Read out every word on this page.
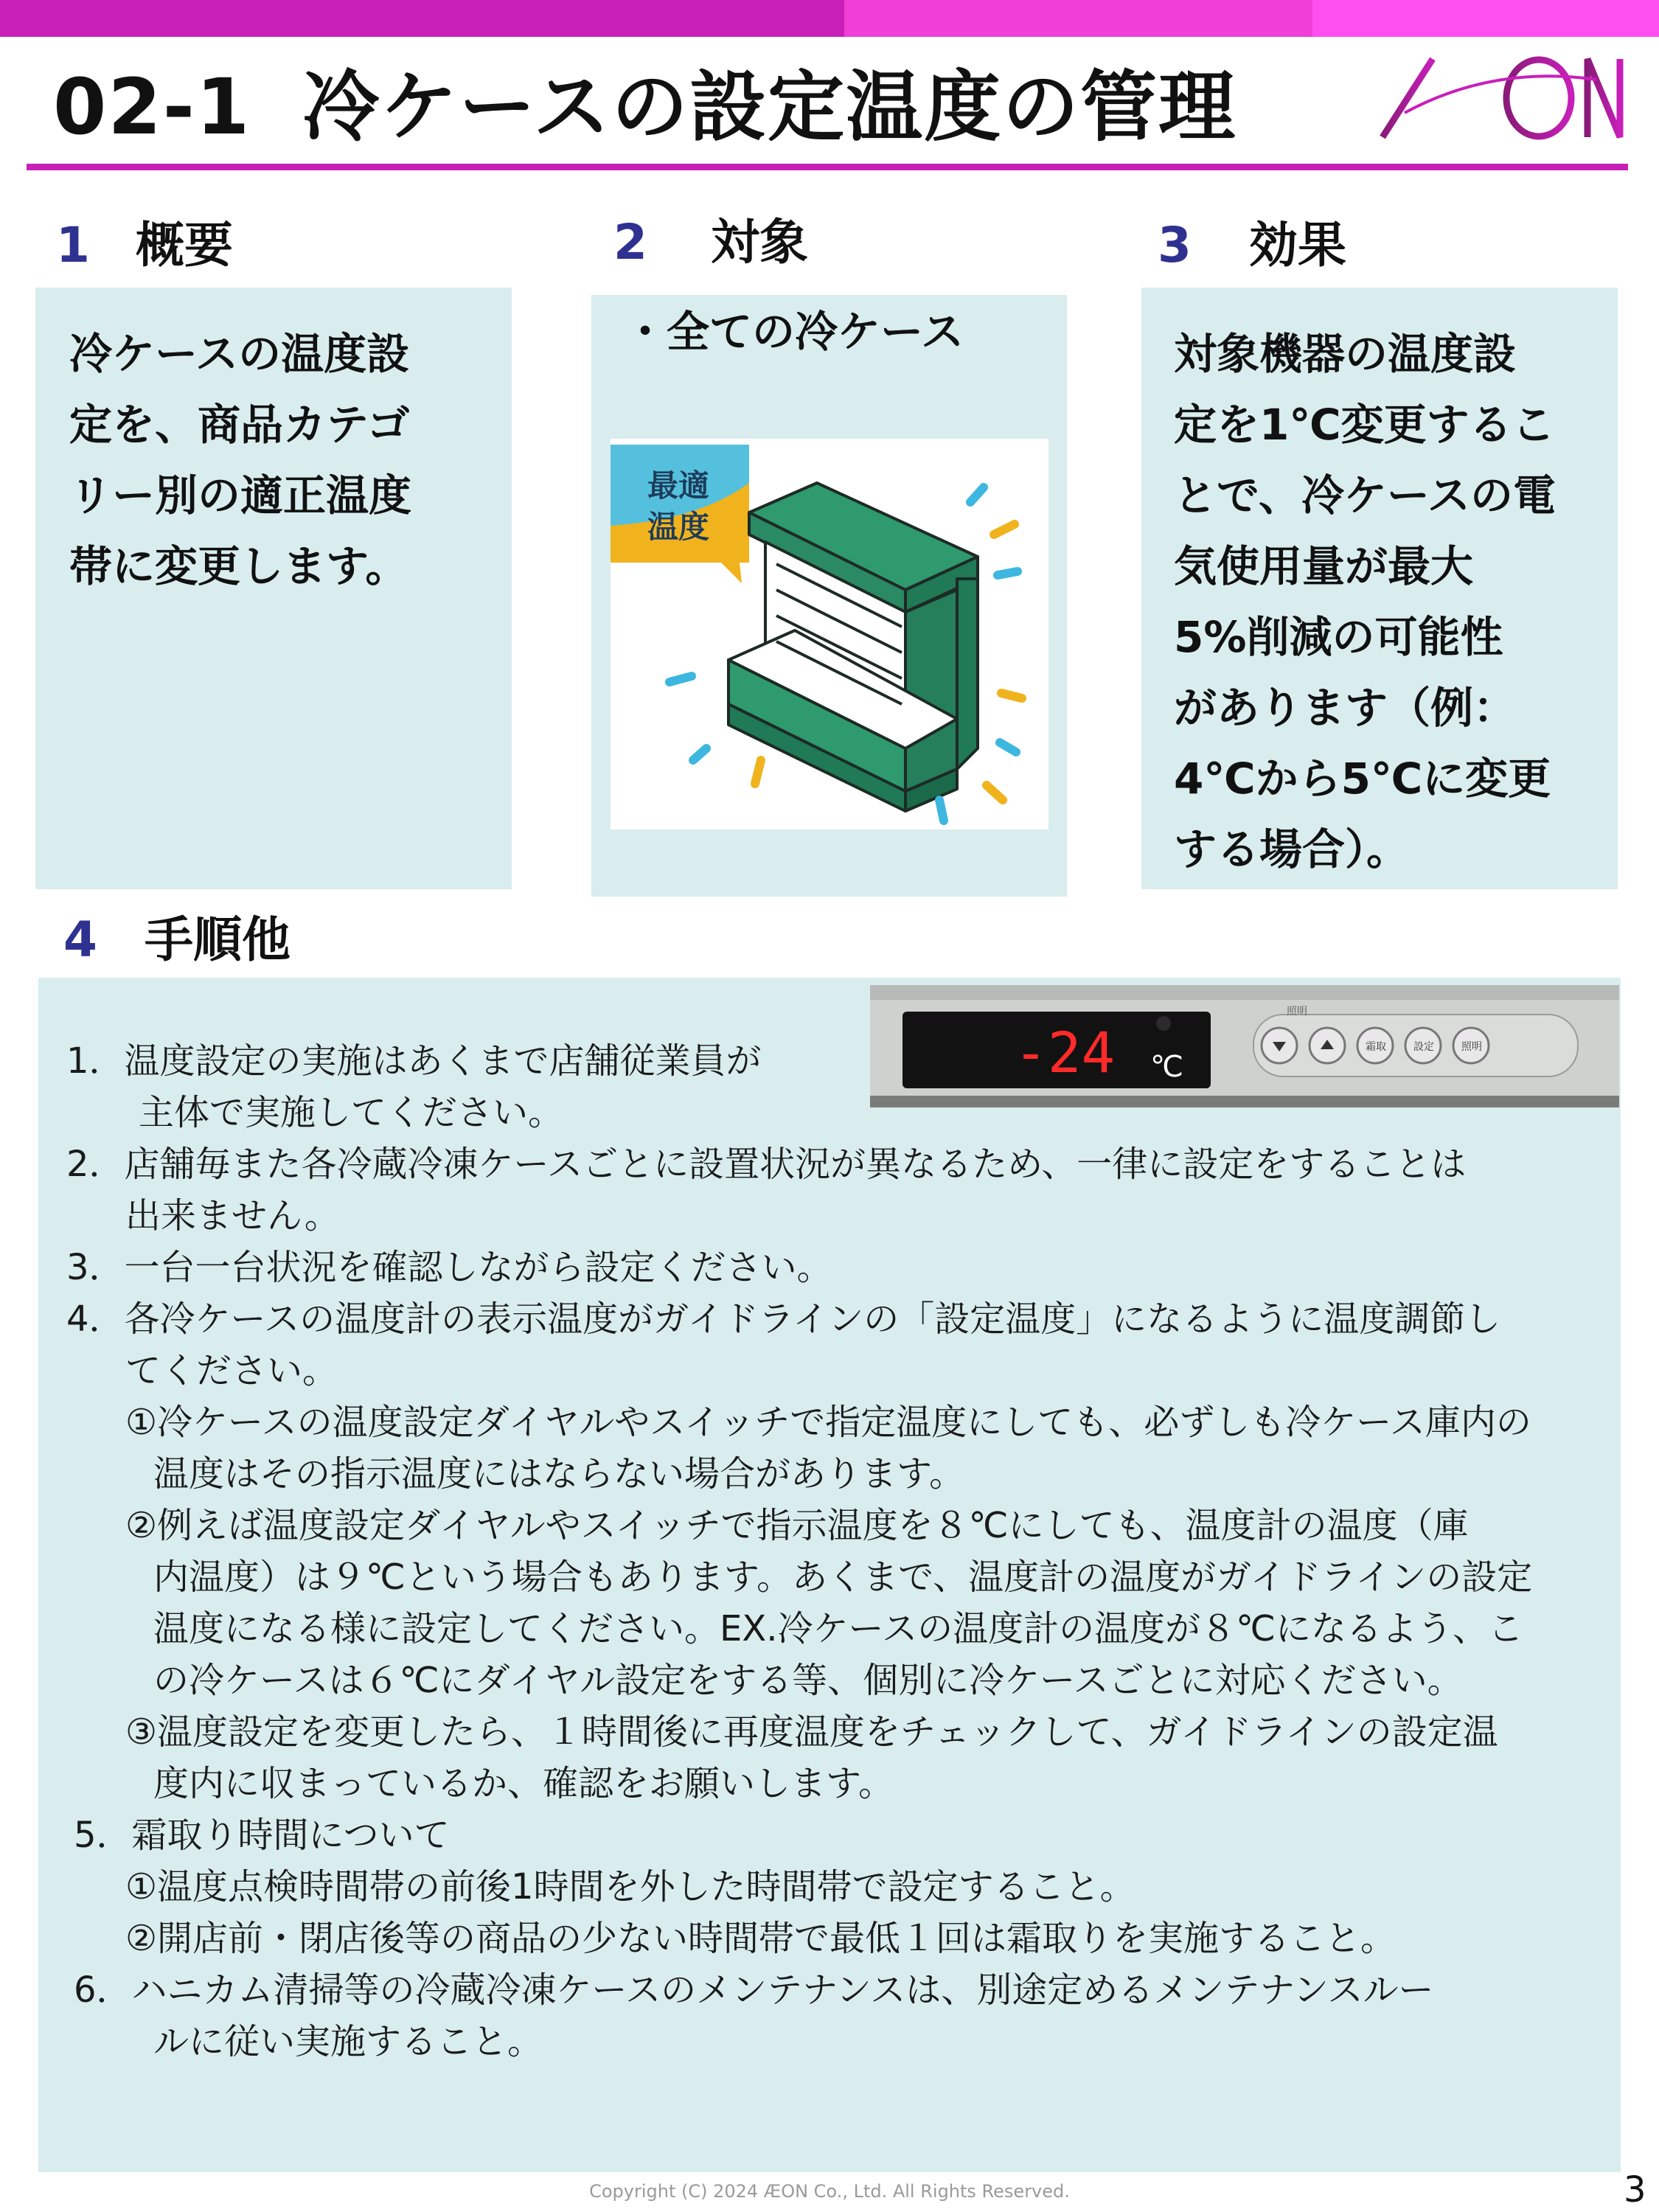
02-1 冷ケースの設定温度の管理	ÆON
1 概要
冷ケースの温度設
定を、商品カテゴ
リー別の適正温度
帯に変更します。
2 対象
・全ての冷ケース
最適
温度
3 効果
対象機器の温度設
定を1℃変更するこ
とで、冷ケースの電
気使用量が最大
5%削減の可能性
があります（例：
4℃から5℃に変更
する場合）。
4 手順他
-24 ℃
照明
霜取	設定	照明
1．温度設定の実施はあくまで店舗従業員が
主体で実施してください。
2．店舗毎また各冷蔵冷凍ケースごとに設置状況が異なるため、一律に設定をすることは
出来ません。
3．一台一台状況を確認しながら設定ください。
4．各冷ケースの温度計の表示温度がガイドラインの「設定温度」になるように温度調節し
てください。
①冷ケースの温度設定ダイヤルやスイッチで指定温度にしても、必ずしも冷ケース庫内の
温度はその指示温度にはならない場合があります。
②例えば温度設定ダイヤルやスイッチで指示温度を８℃にしても、温度計の温度（庫
内温度）は９℃という場合もあります。あくまで、温度計の温度がガイドラインの設定
温度になる様に設定してください。EX.冷ケースの温度計の温度が８℃になるよう、こ
の冷ケースは６℃にダイヤル設定をする等、個別に冷ケースごとに対応ください。
③温度設定を変更したら、１時間後に再度温度をチェックして、ガイドラインの設定温
度内に収まっているか、確認をお願いします。
5．霜取り時間について
①温度点検時間帯の前後1時間を外した時間帯で設定すること。
②開店前・閉店後等の商品の少ない時間帯で最低１回は霜取りを実施すること。
6．ハニカム清掃等の冷蔵冷凍ケースのメンテナンスは、別途定めるメンテナンスルー
ルに従い実施すること。
Copyright (C) 2024 ÆON Co., Ltd. All Rights Reserved.	3
